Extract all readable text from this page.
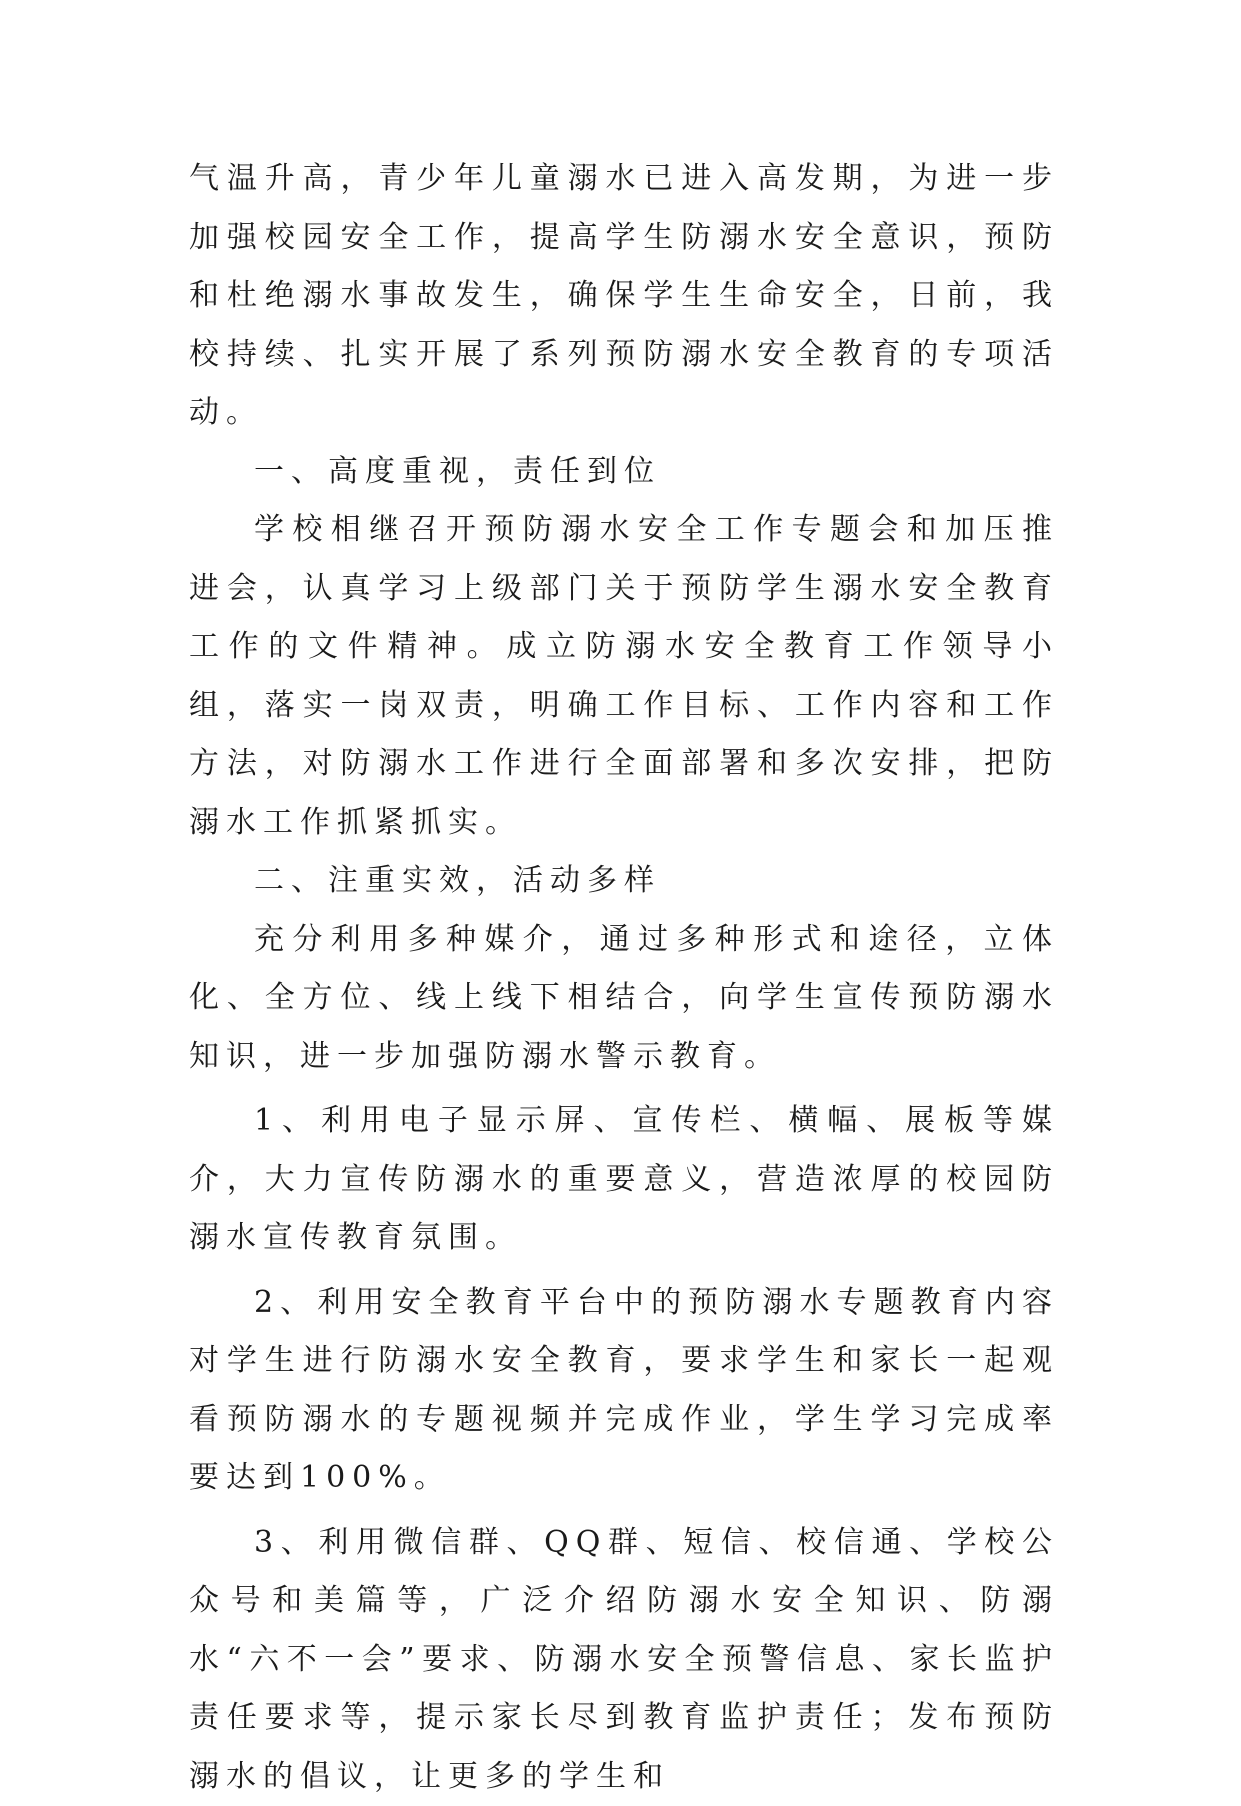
气温升高，青少年儿童溺水已进入高发期，为进一步加强校园安全工作，提高学生防溺水安全意识，预防和杜绝溺水事故发生，确保学生生命安全，日前，我校持续、扎实开展了系列预防溺水安全教育的专项活动。

一、高度重视，责任到位

学校相继召开预防溺水安全工作专题会和加压推进会，认真学习上级部门关于预防学生溺水安全教育工作的文件精神。成立防溺水安全教育工作领导小组，落实一岗双责，明确工作目标、工作内容和工作方法，对防溺水工作进行全面部署和多次安排，把防溺水工作抓紧抓实。

二、注重实效，活动多样

充分利用多种媒介，通过多种形式和途径，立体化、全方位、线上线下相结合，向学生宣传预防溺水知识，进一步加强防溺水警示教育。

1、利用电子显示屏、宣传栏、横幅、展板等媒介，大力宣传防溺水的重要意义，营造浓厚的校园防溺水宣传教育氛围。

2、利用安全教育平台中的预防溺水专题教育内容对学生进行防溺水安全教育，要求学生和家长一起观看预防溺水的专题视频并完成作业，学生学习完成率要达到100%。

3、利用微信群、QQ群、短信、校信通、学校公众号和美篇等，广泛介绍防溺水安全知识、防溺水“六不一会”要求、防溺水安全预警信息、家长监护责任要求等，提示家长尽到教育监护责任；发布预防溺水的倡议，让更多的学生和
